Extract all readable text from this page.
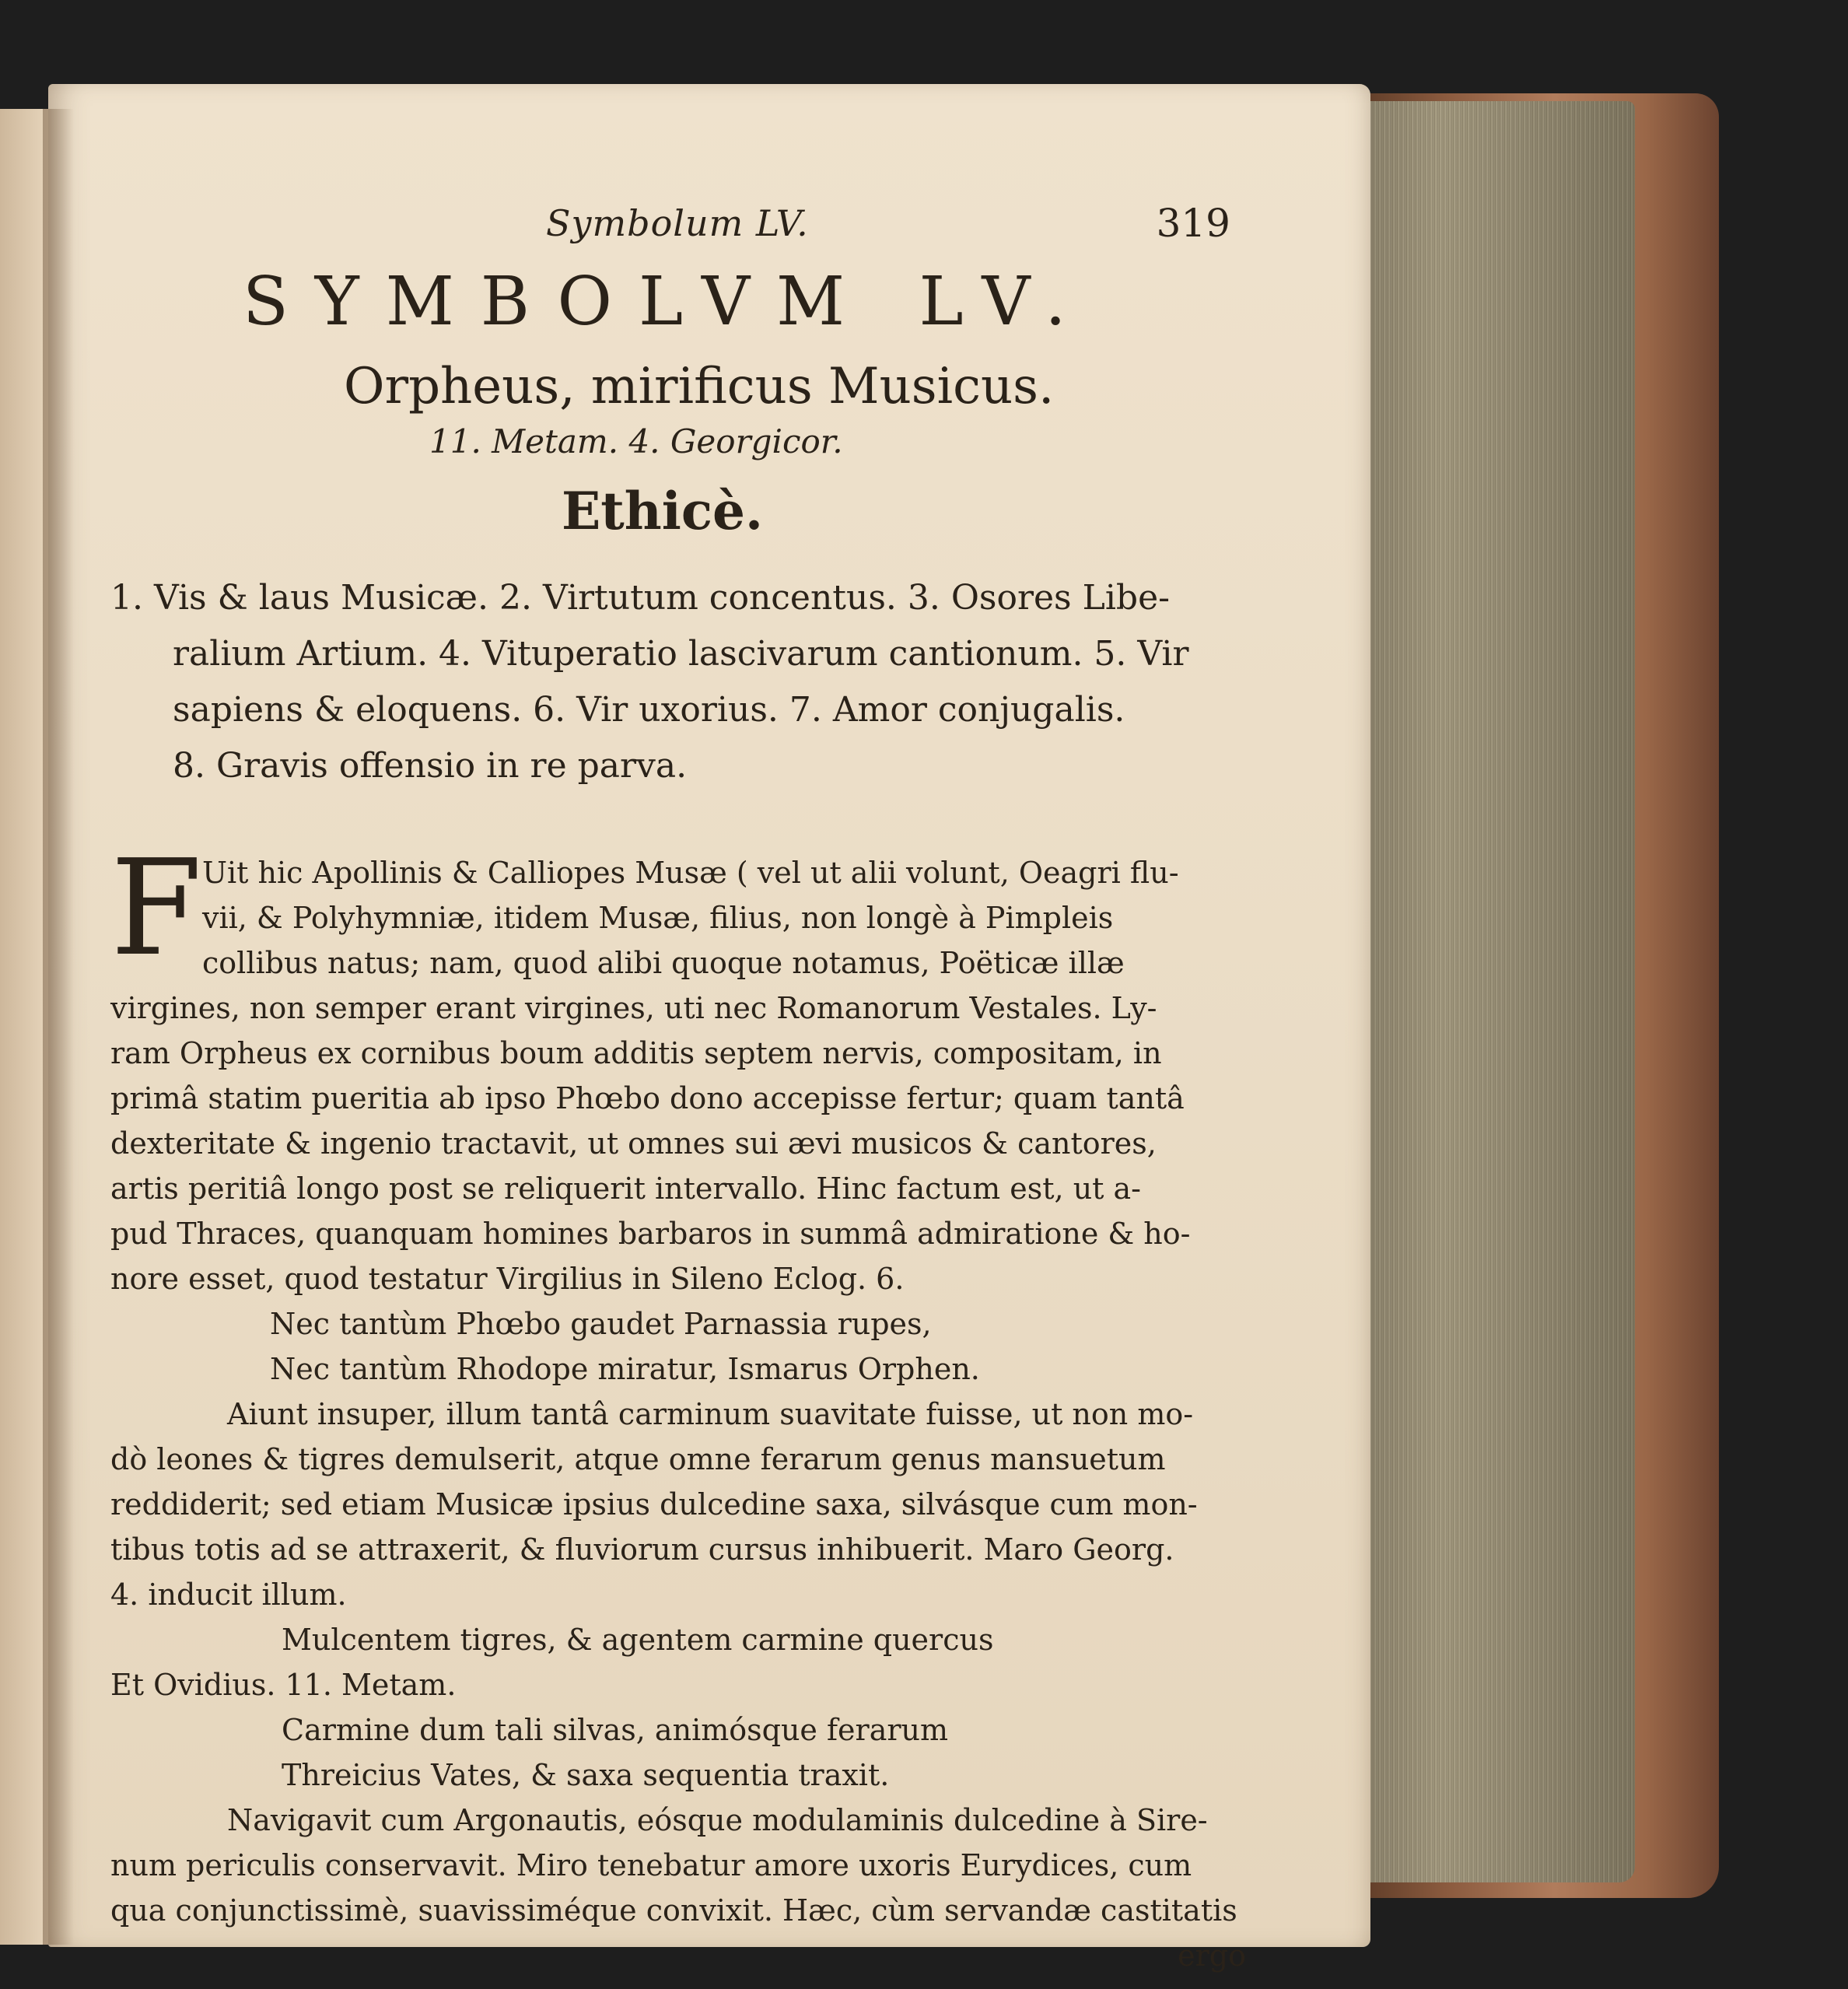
Symbolum LV.	319
SYMBOLVM LV.
Orpheus, mirificus Musicus.
11. Metam. 4. Georgicor.
Ethicè.
1. Vis & laus Musicæ. 2. Virtutum concentus. 3. Osores Libe-
ralium Artium. 4. Vituperatio lascivarum cantionum. 5. Vir
sapiens & eloquens. 6. Vir uxorius. 7. Amor conjugalis.
8. Gravis offensio in re parva.
F Uit hic Apollinis & Calliopes Musæ ( vel ut alii volunt, Oeagri flu-
vii, & Polyhymniæ, itidem Musæ, filius, non longè à Pimpleis
collibus natus; nam, quod alibi quoque notamus, Poëticæ illæ
virgines, non semper erant virgines, uti nec Romanorum Vestales. Ly-
ram Orpheus ex cornibus boum additis septem nervis, compositam, in
primâ statim pueritia ab ipso Phœbo dono accepisse fertur; quam tantâ
dexteritate & ingenio tractavit, ut omnes sui ævi musicos & cantores,
artis peritiâ longo post se reliquerit intervallo. Hinc factum est, ut a-
pud Thraces, quanquam homines barbaros in summâ admiratione & ho-
nore esset, quod testatur Virgilius in Sileno Eclog. 6.
Nec tantùm Phœbo gaudet Parnassia rupes,
Nec tantùm Rhodope miratur, Ismarus Orphen.
Aiunt insuper, illum tantâ carminum suavitate fuisse, ut non mo-
dò leones & tigres demulserit, atque omne ferarum genus mansuetum
reddiderit; sed etiam Musicæ ipsius dulcedine saxa, silvásque cum mon-
tibus totis ad se attraxerit, & fluviorum cursus inhibuerit. Maro Georg.
4. inducit illum.
Mulcentem tigres, & agentem carmine quercus
Et Ovidius. 11. Metam.
Carmine dum tali silvas, animósque ferarum
Threicius Vates, & saxa sequentia traxit.
Navigavit cum Argonautis, eósque modulaminis dulcedine à Sire-
num periculis conservavit. Miro tenebatur amore uxoris Eurydices, cum
qua conjunctissimè, suavissiméque convixit. Hæc, cùm servandæ castitatis
ergo
